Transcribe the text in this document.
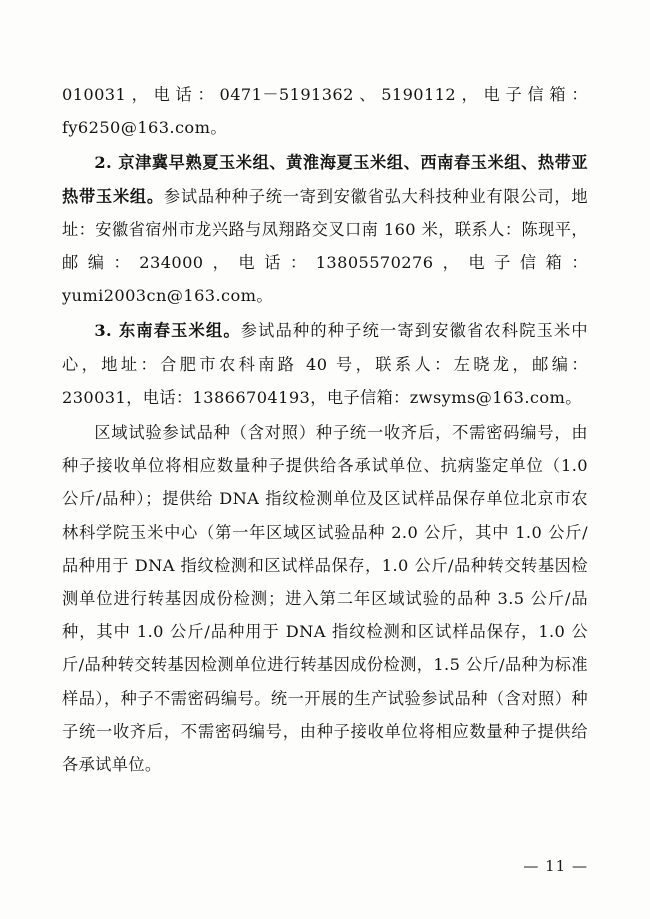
010031，电话：0471－5191362、5190112，电子信箱：fy6250@163.com。

2. 京津冀早熟夏玉米组、黄淮海夏玉米组、西南春玉米组、热带亚热带玉米组。参试品种种子统一寄到安徽省弘大科技种业有限公司，地址：安徽省宿州市龙兴路与凤翔路交叉口南 160 米，联系人：陈现平，邮编：234000，电话：13805570276，电子信箱：yumi2003cn@163.com。

3. 东南春玉米组。参试品种的种子统一寄到安徽省农科院玉米中心，地址：合肥市农科南路 40 号，联系人：左晓龙，邮编：230031，电话：13866704193，电子信箱：zwsyms@163.com。

区域试验参试品种（含对照）种子统一收齐后，不需密码编号，由种子接收单位将相应数量种子提供给各承试单位、抗病鉴定单位（1.0 公斤/品种）；提供给 DNA 指纹检测单位及区试样品保存单位北京市农林科学院玉米中心（第一年区域区试验品种 2.0 公斤，其中 1.0 公斤/品种用于 DNA 指纹检测和区试样品保存，1.0 公斤/品种转交转基因检测单位进行转基因成份检测；进入第二年区域试验的品种 3.5 公斤/品种，其中 1.0 公斤/品种用于 DNA 指纹检测和区试样品保存，1.0 公斤/品种转交转基因检测单位进行转基因成份检测，1.5 公斤/品种为标准样品），种子不需密码编号。统一开展的生产试验参试品种（含对照）种子统一收齐后，不需密码编号，由种子接收单位将相应数量种子提供给各承试单位。

— 11 —
